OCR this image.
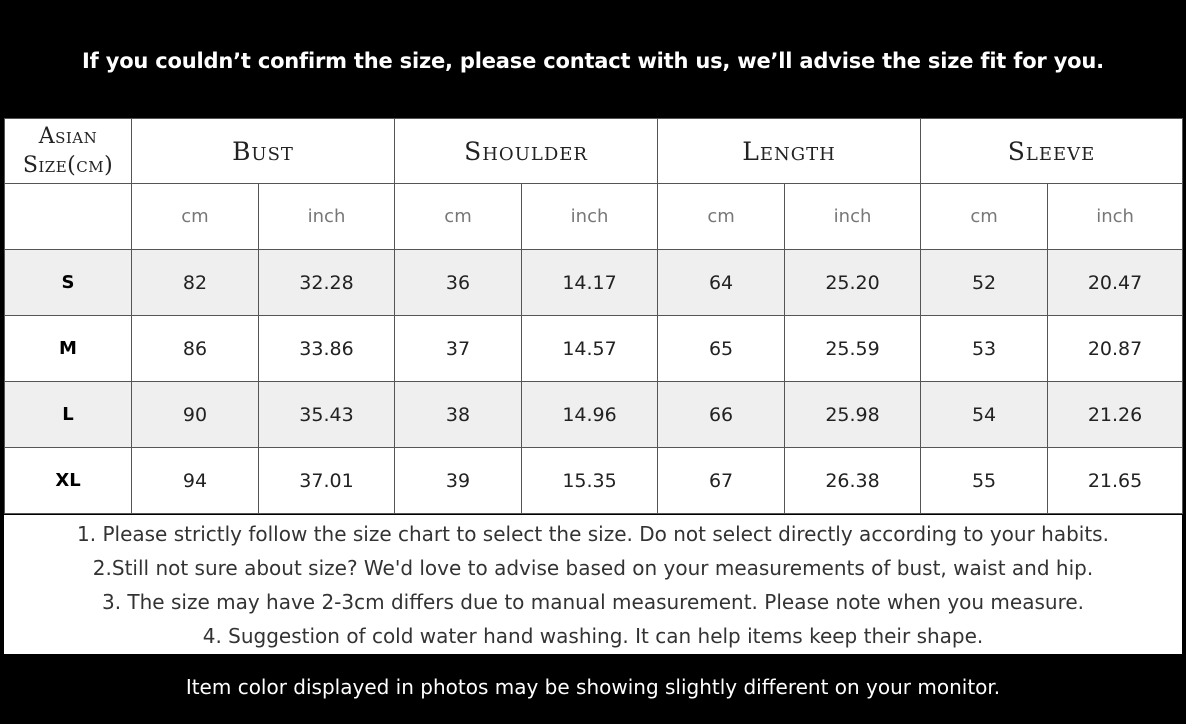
If you couldn’t confirm the size, please contact with us, we’ll advise the size fit for you.
Asian
Size(cm)	Bust		Shoulder		Length		Sleeve	
	cm	inch	cm	inch	cm	inch	cm	inch
S	82	32.28	36	14.17	64	25.20	52	20.47
M	86	33.86	37	14.57	65	25.59	53	20.87
L	90	35.43	38	14.96	66	25.98	54	21.26
XL	94	37.01	39	15.35	67	26.38	55	21.65
1. Please strictly follow the size chart to select the size. Do not select directly according to your habits.
2.Still not sure about size? We'd love to advise based on your measurements of bust, waist and hip.
3. The size may have 2-3cm differs due to manual measurement. Please note when you measure.
4. Suggestion of cold water hand washing. It can help items keep their shape.
Item color displayed in photos may be showing slightly different on your monitor.
